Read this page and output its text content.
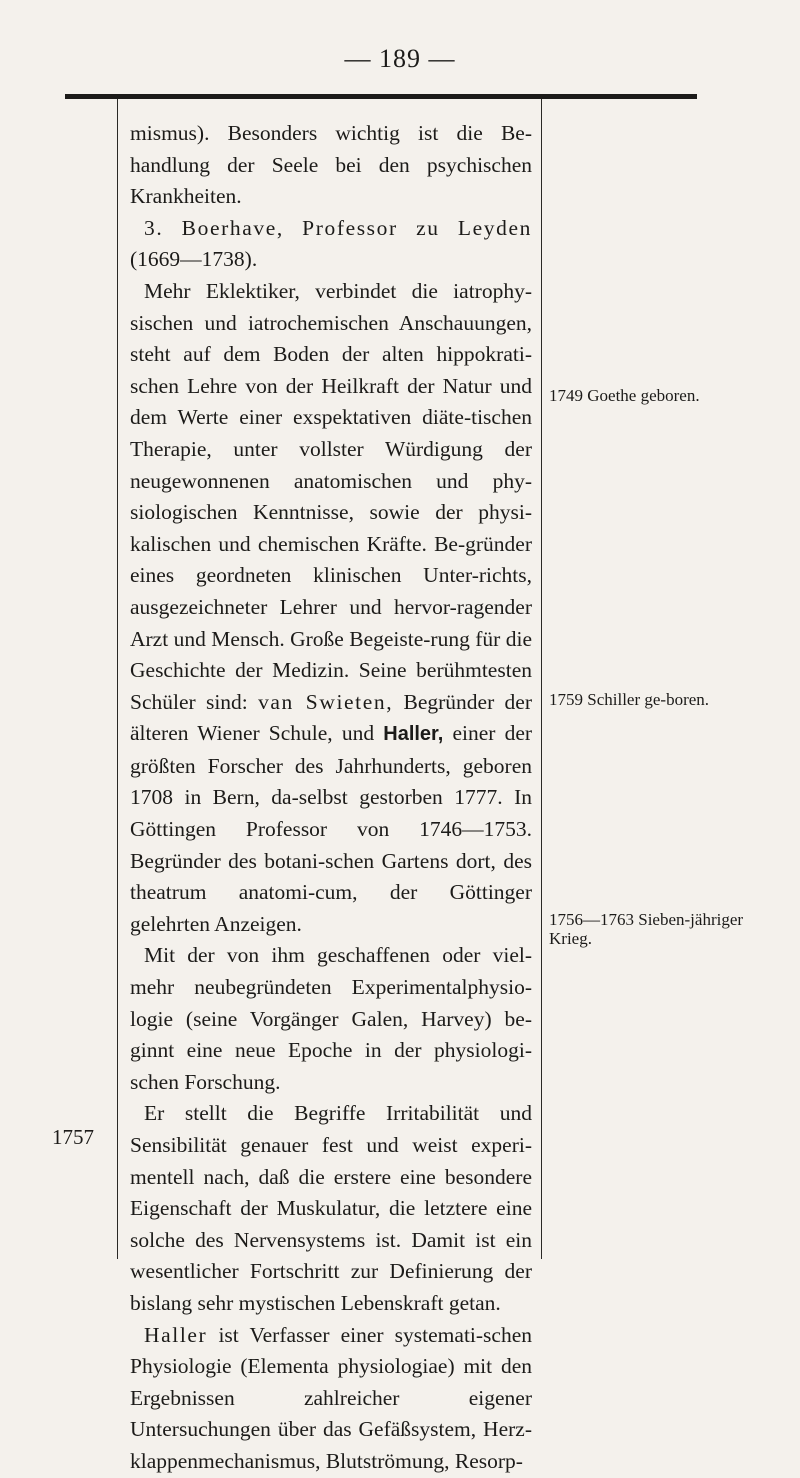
— 189 —
1757

mismus). Besonders wichtig ist die Be-handlung der Seele bei den psychischen Krankheiten.

3. Boerhave, Professor zu Leyden (1669—1738).

Mehr Eklektiker, verbindet die iatrophy-sischen und iatrochemischen Anschauungen, steht auf dem Boden der alten hippokrati-schen Lehre von der Heilkraft der Natur und dem Werte einer exspektativen diäte-tischen Therapie, unter vollster Würdigung der neugewonnenen anatomischen und phy-siologischen Kenntnisse, sowie der physi-kalischen und chemischen Kräfte. Be-gründer eines geordneten klinischen Unter-richts, ausgezeichneter Lehrer und hervor-ragender Arzt und Mensch. Große Begeiste-rung für die Geschichte der Medizin. Seine berühmtesten Schüler sind: van Swieten, Begründer der älteren Wiener Schule, und Haller, einer der größten Forscher des Jahrhunderts, geboren 1708 in Bern, da-selbst gestorben 1777. In Göttingen Professor von 1746—1753. Begründer des botani-schen Gartens dort, des theatrum anatomi-cum, der Göttinger gelehrten Anzeigen.

Mit der von ihm geschaffenen oder viel-mehr neubegründeten Experimentalphysio-logie (seine Vorgänger Galen, Harvey) be-ginnt eine neue Epoche in der physiologi-schen Forschung.

Er stellt die Begriffe Irritabilität und Sensibilität genauer fest und weist experi-mentell nach, daß die erstere eine besondere Eigenschaft der Muskulatur, die letztere eine solche des Nervensystems ist. Damit ist ein wesentlicher Fortschritt zur Definierung der bislang sehr mystischen Lebenskraft getan.

Haller ist Verfasser einer systemati-schen Physiologie (Elementa physiologiae) mit den Ergebnissen zahlreicher eigener Untersuchungen über das Gefäßsystem, Herz-klappenmechanismus, Blutströmung, Resorp-

1749 Goethe geboren.
1759 Schiller ge-boren.
1756—1763 Sieben-jähriger Krieg.
